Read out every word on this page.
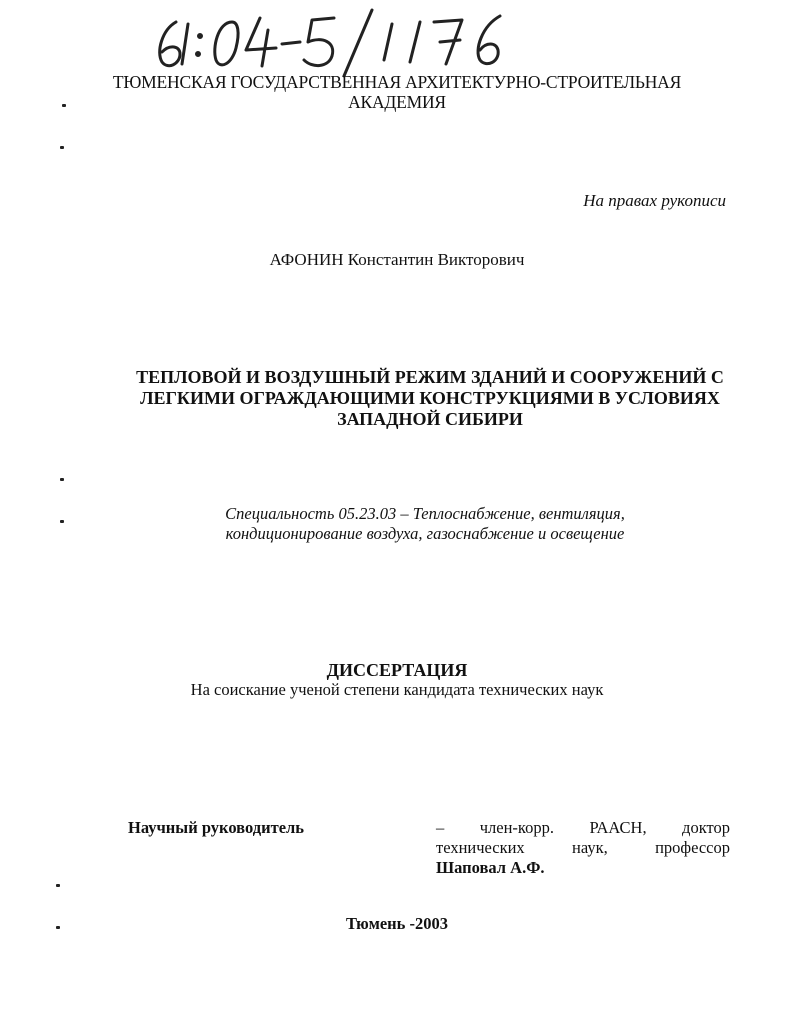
ТЮМЕНСКАЯ ГОСУДАРСТВЕННАЯ АРХИТЕКТУРНО-СТРОИТЕЛЬНАЯ
АКАДЕМИЯ
На правах рукописи
АФОНИН Константин Викторович
ТЕПЛОВОЙ И ВОЗДУШНЫЙ РЕЖИМ ЗДАНИЙ И СООРУЖЕНИЙ С
ЛЕГКИМИ ОГРАЖДАЮЩИМИ КОНСТРУКЦИЯМИ В УСЛОВИЯХ
ЗАПАДНОЙ СИБИРИ
Специальность 05.23.03 – Теплоснабжение, вентиляция,
кондиционирование воздуха, газоснабжение и освещение
ДИССЕРТАЦИЯ
На соискание ученой степени кандидата технических наук
Научный руководитель	– член-корр. РААСН, доктор
технических наук, профессор
Шаповал А.Ф.
Тюмень -2003
